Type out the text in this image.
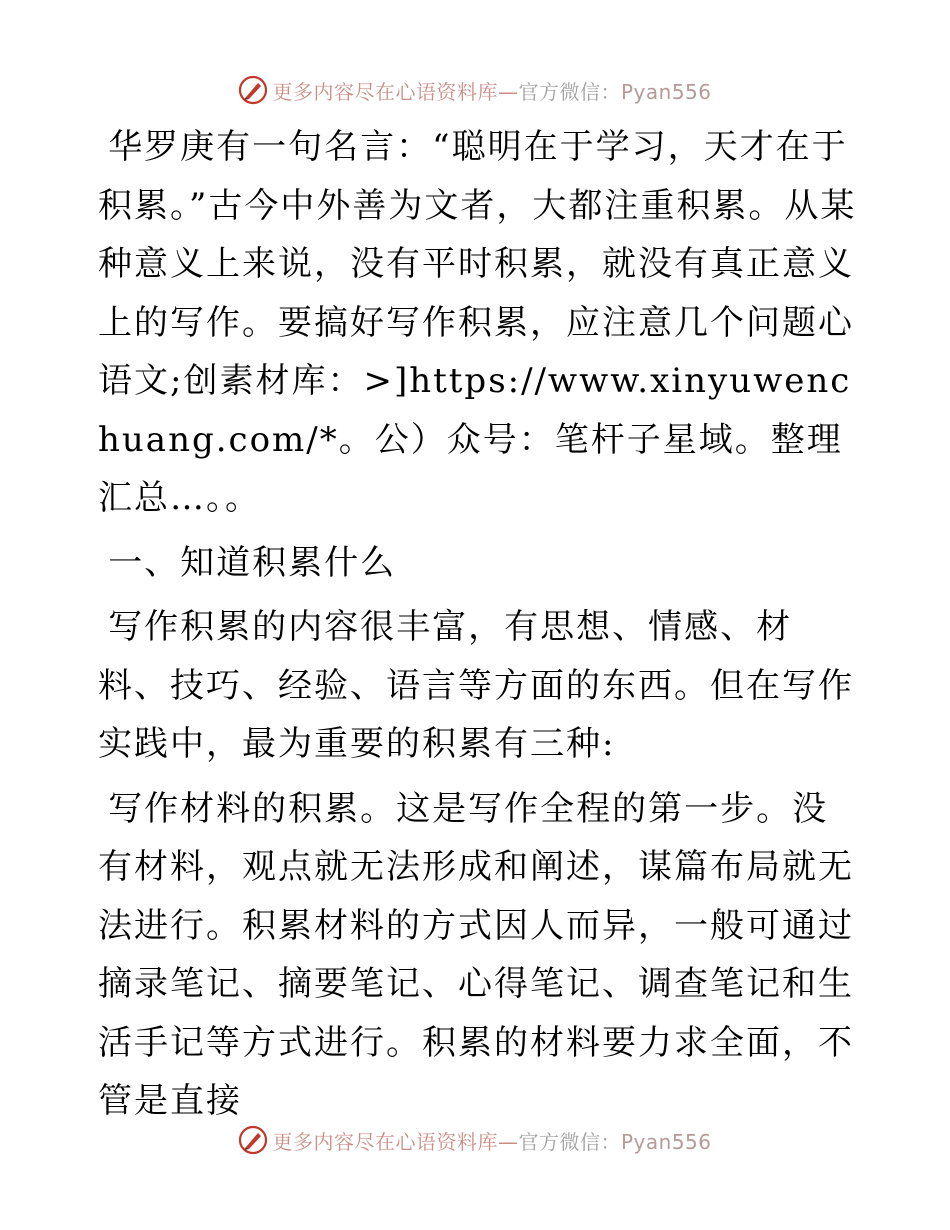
更多内容尽在心语资料库—官方微信：Pyan556

华罗庚有一句名言：“聪明在于学习，天才在于积累。”古今中外善为文者，大都注重积累。从某种意义上来说，没有平时积累，就没有真正意义上的写作。要搞好写作积累，应注意几个问题心语文;创素材库：>]https://www.xinyuwenchuang.com/*。公）众号：笔杆子星域。整理汇总…。。

一、知道积累什么

写作积累的内容很丰富，有思想、情感、材料、技巧、经验、语言等方面的东西。但在写作实践中，最为重要的积累有三种:

写作材料的积累。这是写作全程的第一步。没有材料，观点就无法形成和阐述，谋篇布局就无法进行。积累材料的方式因人而异，一般可通过摘录笔记、摘要笔记、心得笔记、调查笔记和生活手记等方式进行。积累的材料要力求全面，不管是直接

更多内容尽在心语资料库—官方微信：Pyan556
